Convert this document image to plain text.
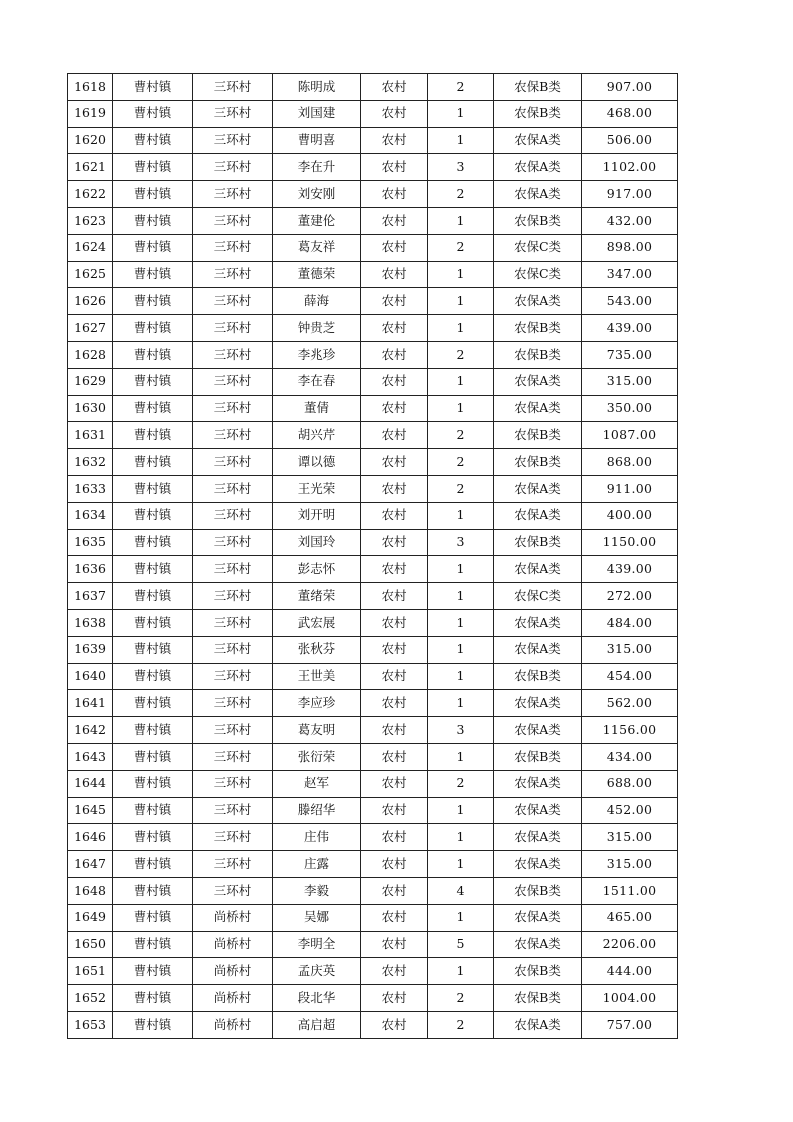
1618	曹村镇	三环村	陈明成	农村	2	农保B类	907.00
1619	曹村镇	三环村	刘国建	农村	1	农保B类	468.00
1620	曹村镇	三环村	曹明喜	农村	1	农保A类	506.00
1621	曹村镇	三环村	李在升	农村	3	农保A类	1102.00
1622	曹村镇	三环村	刘安刚	农村	2	农保A类	917.00
1623	曹村镇	三环村	董建伦	农村	1	农保B类	432.00
1624	曹村镇	三环村	葛友祥	农村	2	农保C类	898.00
1625	曹村镇	三环村	董德荣	农村	1	农保C类	347.00
1626	曹村镇	三环村	薛海	农村	1	农保A类	543.00
1627	曹村镇	三环村	钟贵芝	农村	1	农保B类	439.00
1628	曹村镇	三环村	李兆珍	农村	2	农保B类	735.00
1629	曹村镇	三环村	李在春	农村	1	农保A类	315.00
1630	曹村镇	三环村	董倩	农村	1	农保A类	350.00
1631	曹村镇	三环村	胡兴芹	农村	2	农保B类	1087.00
1632	曹村镇	三环村	谭以德	农村	2	农保B类	868.00
1633	曹村镇	三环村	王光荣	农村	2	农保A类	911.00
1634	曹村镇	三环村	刘开明	农村	1	农保A类	400.00
1635	曹村镇	三环村	刘国玲	农村	3	农保B类	1150.00
1636	曹村镇	三环村	彭志怀	农村	1	农保A类	439.00
1637	曹村镇	三环村	董绪荣	农村	1	农保C类	272.00
1638	曹村镇	三环村	武宏展	农村	1	农保A类	484.00
1639	曹村镇	三环村	张秋芬	农村	1	农保A类	315.00
1640	曹村镇	三环村	王世美	农村	1	农保B类	454.00
1641	曹村镇	三环村	李应珍	农村	1	农保A类	562.00
1642	曹村镇	三环村	葛友明	农村	3	农保A类	1156.00
1643	曹村镇	三环村	张衍荣	农村	1	农保B类	434.00
1644	曹村镇	三环村	赵军	农村	2	农保A类	688.00
1645	曹村镇	三环村	滕绍华	农村	1	农保A类	452.00
1646	曹村镇	三环村	庄伟	农村	1	农保A类	315.00
1647	曹村镇	三环村	庄露	农村	1	农保A类	315.00
1648	曹村镇	三环村	李毅	农村	4	农保B类	1511.00
1649	曹村镇	尚桥村	吴娜	农村	1	农保A类	465.00
1650	曹村镇	尚桥村	李明全	农村	5	农保A类	2206.00
1651	曹村镇	尚桥村	孟庆英	农村	1	农保B类	444.00
1652	曹村镇	尚桥村	段北华	农村	2	农保B类	1004.00
1653	曹村镇	尚桥村	高启超	农村	2	农保A类	757.00
